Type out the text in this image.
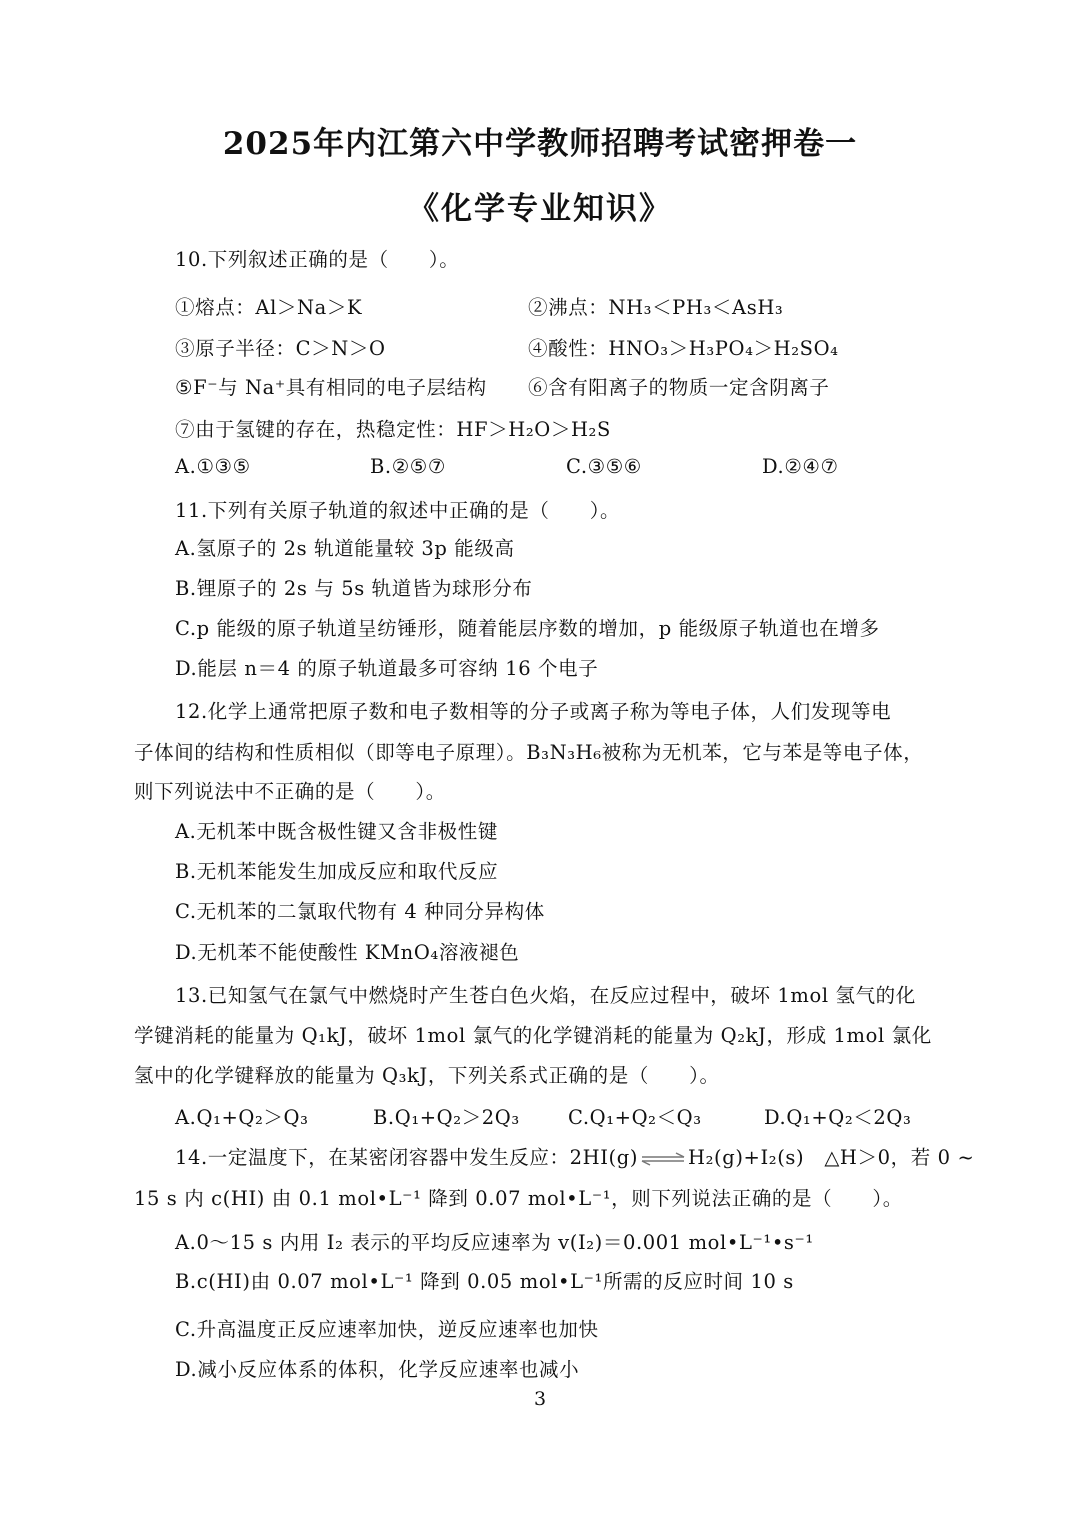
2025年内江第六中学教师招聘考试密押卷一
《化学专业知识》
10.下列叙述正确的是（　　）。
①熔点：Al＞Na＞K	②沸点：NH₃＜PH₃＜AsH₃
③原子半径：C＞N＞O	④酸性：HNO₃＞H₃PO₄＞H₂SO₄
⑤F⁻与 Na⁺具有相同的电子层结构 ⑥含有阳离子的物质一定含阴离子
⑦由于氢键的存在，热稳定性：HF＞H₂O＞H₂S
A.①③⑤	B.②⑤⑦	C.③⑤⑥	D.②④⑦
11.下列有关原子轨道的叙述中正确的是（　　）。
A.氢原子的 2s 轨道能量较 3p 能级高
B.锂原子的 2s 与 5s 轨道皆为球形分布
C.p 能级的原子轨道呈纺锤形，随着能层序数的增加，p 能级原子轨道也在增多
D.能层 n＝4 的原子轨道最多可容纳 16 个电子
12.化学上通常把原子数和电子数相等的分子或离子称为等电子体，人们发现等电
子体间的结构和性质相似（即等电子原理）。B₃N₃H₆被称为无机苯，它与苯是等电子体，
则下列说法中不正确的是（　　）。
A.无机苯中既含极性键又含非极性键
B.无机苯能发生加成反应和取代反应
C.无机苯的二氯取代物有 4 种同分异构体
D.无机苯不能使酸性 KMnO₄溶液褪色
13.已知氢气在氯气中燃烧时产生苍白色火焰，在反应过程中，破坏 1mol 氢气的化
学键消耗的能量为 Q₁kJ，破坏 1mol 氯气的化学键消耗的能量为 Q₂kJ，形成 1mol 氯化
氢中的化学键释放的能量为 Q₃kJ，下列关系式正确的是（　　）。
A.Q₁+Q₂＞Q₃	B.Q₁+Q₂＞2Q₃ C.Q₁+Q₂＜Q₃	D.Q₁+Q₂＜2Q₃
14.一定温度下，在某密闭容器中发生反应：2HI(g) ⇌ H₂(g)+I₂(s)　△H＞0，若 0 ~
15 s 内 c(HI) 由 0.1 mol•L⁻¹ 降到 0.07 mol•L⁻¹，则下列说法正确的是（　　）。
A.0～15 s 内用 I₂ 表示的平均反应速率为 v(I₂)＝0.001 mol•L⁻¹•s⁻¹
B.c(HI)由 0.07 mol•L⁻¹ 降到 0.05 mol•L⁻¹所需的反应时间 10 s
C.升高温度正反应速率加快，逆反应速率也加快
D.减小反应体系的体积，化学反应速率也减小
3
